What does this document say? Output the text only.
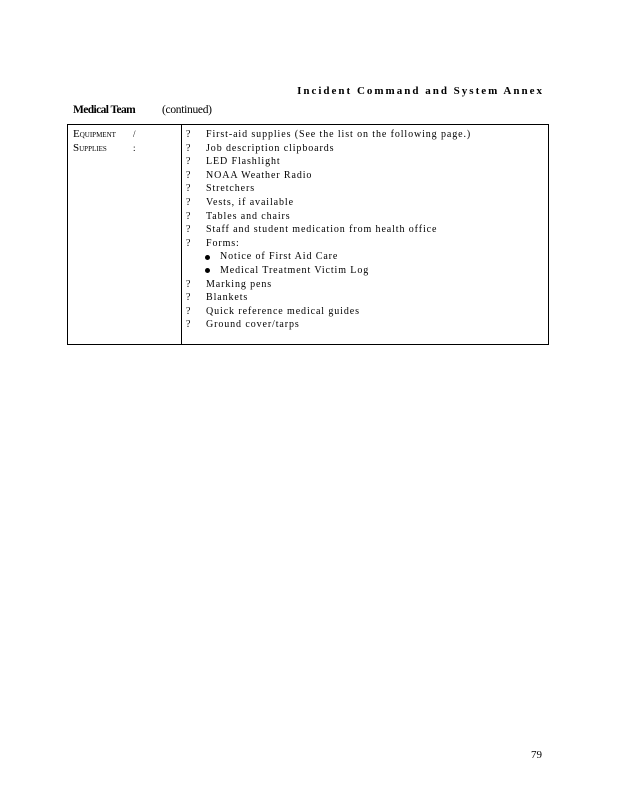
Incident Command and System Annex
Medical Team (continued)
EQUIPMENT	/
SUPPLIES	:
?	First-aid supplies (See the list on the following page.)
?	Job description clipboards
?	LED Flashlight
?	NOAA Weather Radio
?	Stretchers
?	Vests, if available
?	Tables and chairs
?	Staff and student medication from health office
?	Forms:
Notice of First Aid Care
Medical Treatment Victim Log
?	Marking pens
?	Blankets
?	Quick reference medical guides
?	Ground cover/tarps
79
